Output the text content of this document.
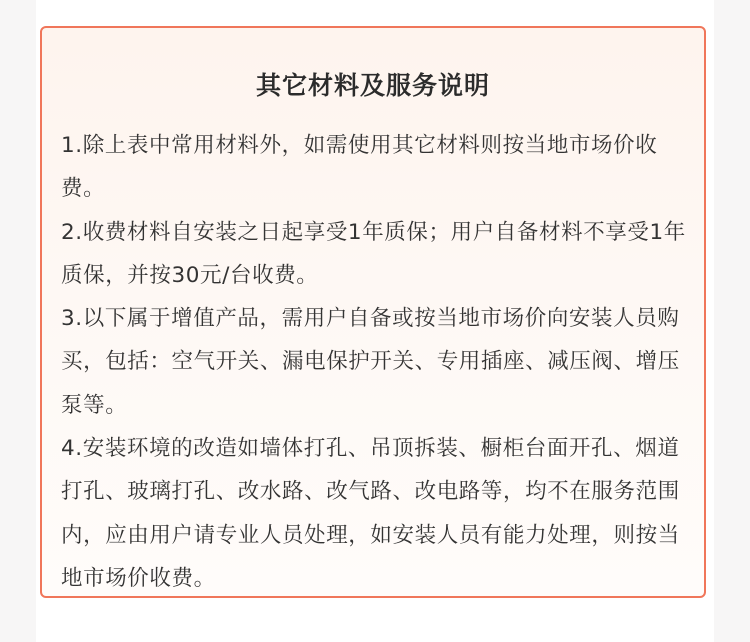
其它材料及服务说明
1.除上表中常用材料外，如需使用其它材料则按当地市场价收费。
2.收费材料自安装之日起享受1年质保；用户自备材料不享受1年质保，并按30元/台收费。
3.以下属于增值产品，需用户自备或按当地市场价向安装人员购买，包括：空气开关、漏电保护开关、专用插座、减压阀、增压泵等。
4.安装环境的改造如墙体打孔、吊顶拆装、橱柜台面开孔、烟道打孔、玻璃打孔、改水路、改气路、改电路等，均不在服务范围内，应由用户请专业人员处理，如安装人员有能力处理，则按当地市场价收费。
